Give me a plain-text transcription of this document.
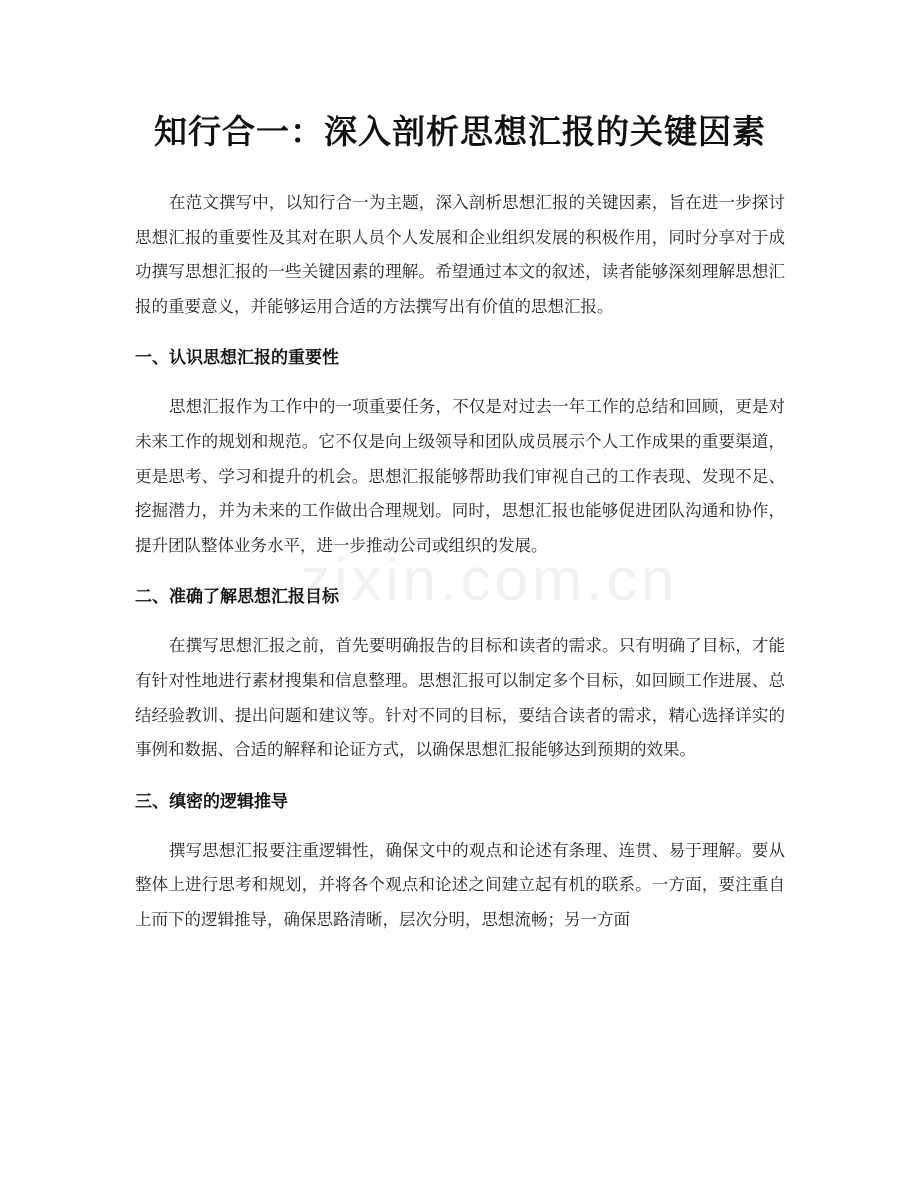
zixin.com.cn
知行合一：深入剖析思想汇报的关键因素

在范文撰写中，以知行合一为主题，深入剖析思想汇报的关键因素，旨在进一步探讨思想汇报的重要性及其对在职人员个人发展和企业组织发展的积极作用，同时分享对于成功撰写思想汇报的一些关键因素的理解。希望通过本文的叙述，读者能够深刻理解思想汇报的重要意义，并能够运用合适的方法撰写出有价值的思想汇报。

一、认识思想汇报的重要性

思想汇报作为工作中的一项重要任务，不仅是对过去一年工作的总结和回顾，更是对未来工作的规划和规范。它不仅是向上级领导和团队成员展示个人工作成果的重要渠道，更是思考、学习和提升的机会。思想汇报能够帮助我们审视自己的工作表现、发现不足、挖掘潜力，并为未来的工作做出合理规划。同时，思想汇报也能够促进团队沟通和协作，提升团队整体业务水平，进一步推动公司或组织的发展。

二、准确了解思想汇报目标

在撰写思想汇报之前，首先要明确报告的目标和读者的需求。只有明确了目标，才能有针对性地进行素材搜集和信息整理。思想汇报可以制定多个目标，如回顾工作进展、总结经验教训、提出问题和建议等。针对不同的目标，要结合读者的需求，精心选择详实的事例和数据、合适的解释和论证方式，以确保思想汇报能够达到预期的效果。

三、缜密的逻辑推导

撰写思想汇报要注重逻辑性，确保文中的观点和论述有条理、连贯、易于理解。要从整体上进行思考和规划，并将各个观点和论述之间建立起有机的联系。一方面，要注重自上而下的逻辑推导，确保思路清晰，层次分明，思想流畅；另一方面
